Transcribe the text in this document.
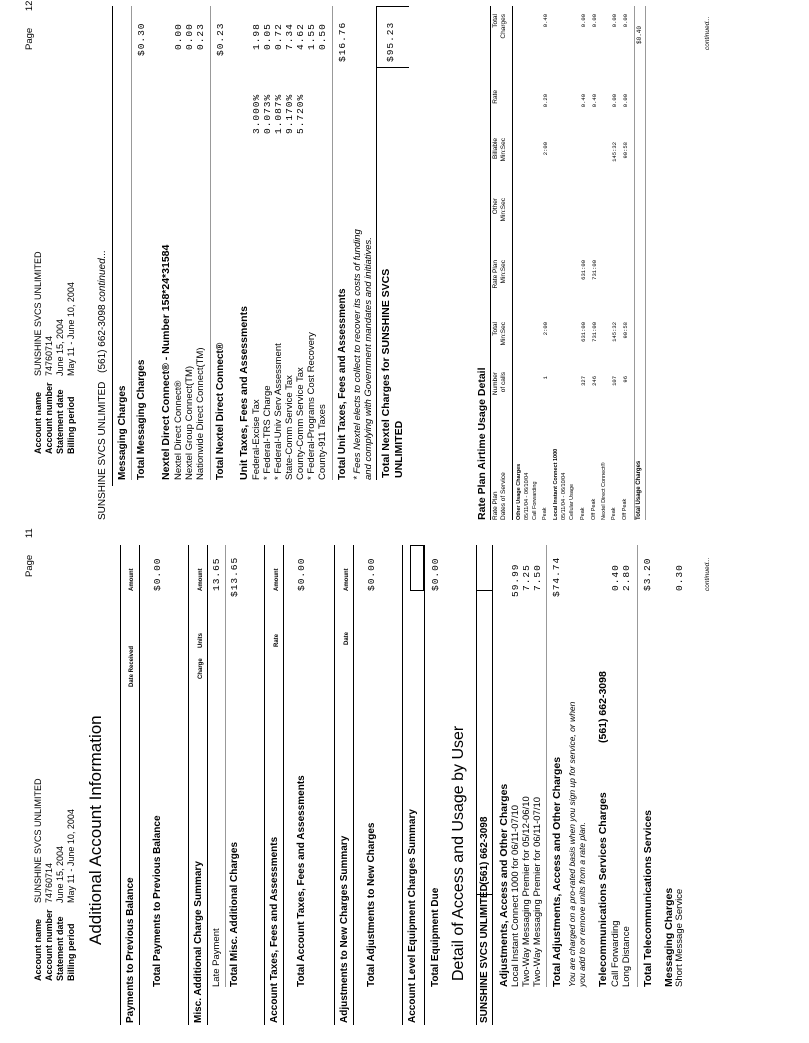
Account name Account number Statement date Billing period
SUNSHINE SVCS UNLIMITED 74760714 June 15, 2004 May 11 - June 10, 2004
Page 11
Additional Account Information
Payments to Previous Balance
Date Received
Amount
Total Payments to Previous Balance
$0.00
Misc. Additional Charge Summary
Charge
Units
Amount
Late Payment
13.65
Total Misc. Additional Charges
$13.65
Account Taxes, Fees and Assessments
Rate
Amount
Total Account Taxes, Fees and Assessments
$0.00
Adjustments to New Charges Summary
Date
Amount
Total Adjustments to New Charges
$0.00
Account Level Equipment Charges Summary Total Equipment Due
$0.00
Detail of Access and Usage by User SUNSHINE SVCS UNLIMITED
(561) 662-3098 Adjustments, Access and Other Charges Local Instant Connect 1000 for 06/11-07/10
59.99
Two-Way Messaging Premier for 05/12-06/10
7.25
Two-Way Messaging Premier for 06/11-07/10
7.50
Total Adjustments, Access and Other Charges
$74.74
You are charged on a pro-rated basis when you sign up for service, or when you add to or remove units from a rate plan. Telecommunications Services Charges
(561) 662-3098
Call Forwarding
0.40
Long Distance
2.80
Total Telecommunications Services
$3.20
Messaging Charges Short Message Service
0.30	continued...
Account name Account number Statement date Billing period
SUNSHINE SVCS UNLIMITED 74760714 June 15, 2004 May 11 - June 10, 2004
Page 12
SUNSHINE SVCS UNLIMITED (561) 662-3098 continued...
Messaging Charges Total Messaging Charges
$0.30
Nextel Direct Connect® - Number 158*24*31584 Nextel Direct Connect®
0.00
Nextel Group Connect(TM)
0.00
Nationwide Direct Connect(TM)
0.23
Total Nextel Direct Connect®
$0.23
Unit Taxes, Fees and Assessments Federal-Excise Tax
3.000%
1.98
* Federal-TRS Charge
0.073%
0.05
* Federal-Univ Serv Assessment
1.087%
0.72
State-Comm Service Tax
9.170%
7.34
County-Comm Service Tax
5.720%
4.62
* Federal-Programs Cost Recovery
1.55
County-911 Taxes
0.50
Total Unit Taxes, Fees and Assessments
$16.76
* Fees Nextel elects to collect to recover its costs of funding and complying with Government mandates and initiatives. Total Nextel Charges for SUNSHINE SVCS UNLIMITED
$95.23
Rate Plan Airtime Usage Detail Rate Plan Dates of Service
Number of calls
Total Min:Sec
Rate Plan Min:Sec
Other Min:Sec
Billable Min:Sec
Rate
Total Charges
Other Usage Charges 05/11/04 - 06/10/04 Call Forwarding Peak
1
2:00
2:00
0.20
0.40
Local Instant Connect 1000 05/11/04 - 06/10/04 Cellular Usage Peak
327
631:00
631:00
0.40
0.00
Off Peak
246
731:00
731:00
0.40
0.00
Nextel Direct Connect® Peak
107
145:32
145:32
0.00
0.00
Off Peak
96
90:58
90:58
0.00
0.00
Total Usage Charges
$0.40	continued...
